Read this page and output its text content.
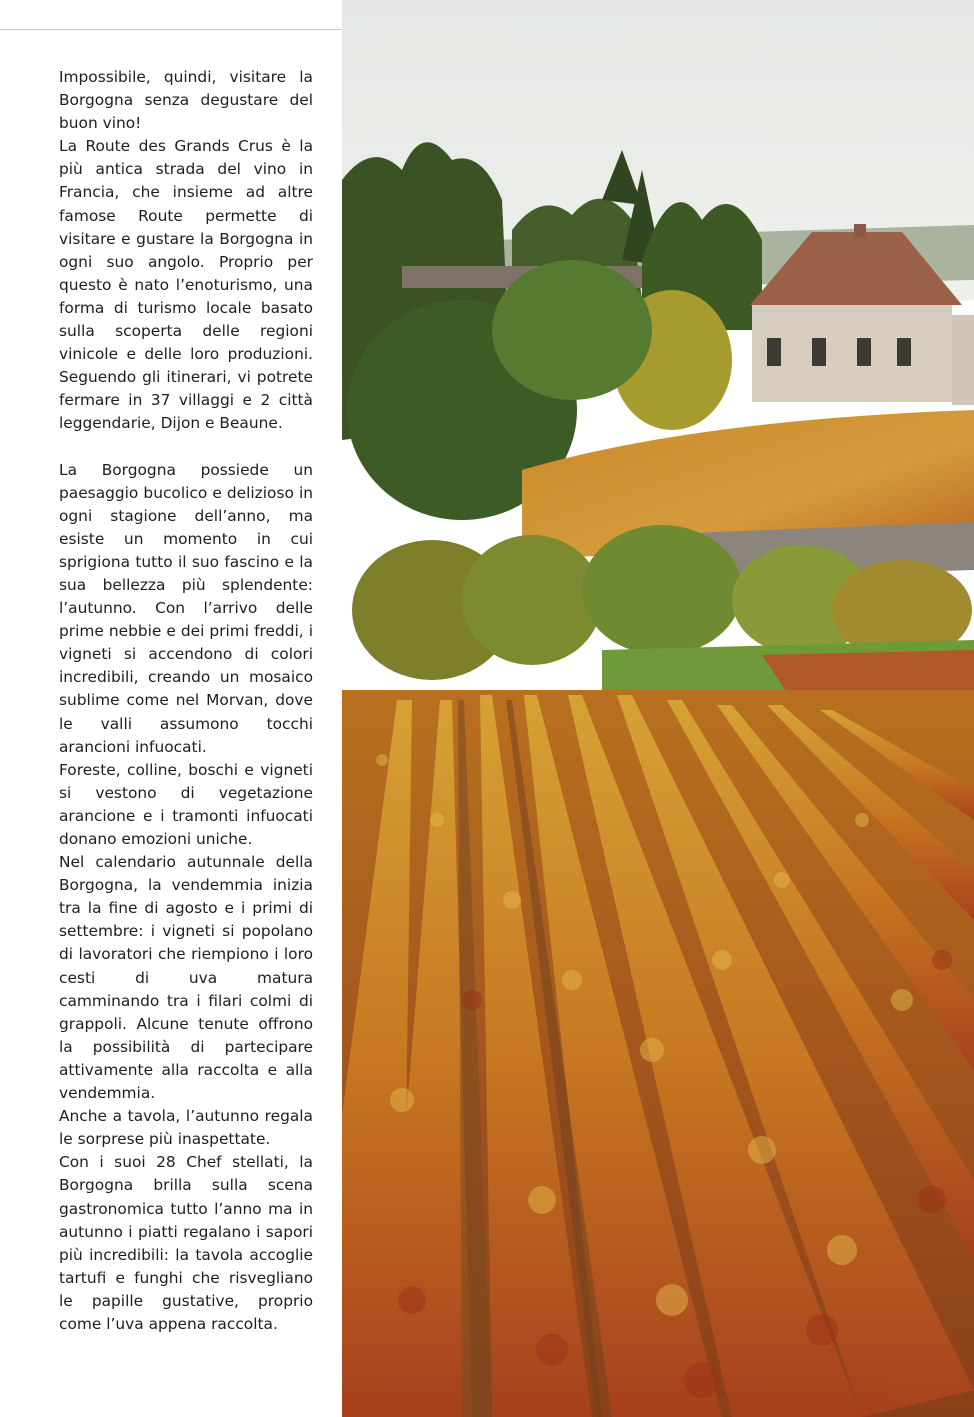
Impossibile, quindi, visitare la Borgogna senza degustare del buon vino!

La Route des Grands Crus è la più antica strada del vino in Francia, che insieme ad altre famose Route permette di visitare e gustare la Borgogna in ogni suo angolo. Proprio per questo è nato l’enoturismo, una forma di turismo locale basato sulla scoperta delle regioni vinicole e delle loro produzioni. Seguendo gli itinerari, vi potrete fermare in 37 villaggi e 2 città leggendarie, Dijon e Beaune.

La Borgogna possiede un paesaggio bucolico e delizioso in ogni stagione dell’anno, ma esiste un momento in cui sprigiona tutto il suo fascino e la sua bellezza più splendente: l’autunno. Con l’arrivo delle prime nebbie e dei primi freddi, i vigneti si accendono di colori incredibili, creando un mosaico sublime come nel Morvan, dove le valli assumono tocchi arancioni infuocati.

Foreste, colline, boschi e vigneti si vestono di vegetazione arancione e i tramonti infuocati donano emozioni uniche.

Nel calendario autunnale della Borgogna, la vendemmia inizia tra la fine di agosto e i primi di settembre: i vigneti si popolano di lavoratori che riempiono i loro cesti di uva matura camminando tra i filari colmi di grappoli. Alcune tenute offrono la possibilità di partecipare attivamente alla raccolta e alla vendemmia.

Anche a tavola, l’autunno regala le sorprese più inaspettate.

Con i suoi 28 Chef stellati, la Borgogna brilla sulla scena gastronomica tutto l’anno ma in autunno i piatti regalano i sapori più incredibili: la tavola accoglie tartufi e funghi che risvegliano le papille gustative, proprio come l’uva appena raccolta.
